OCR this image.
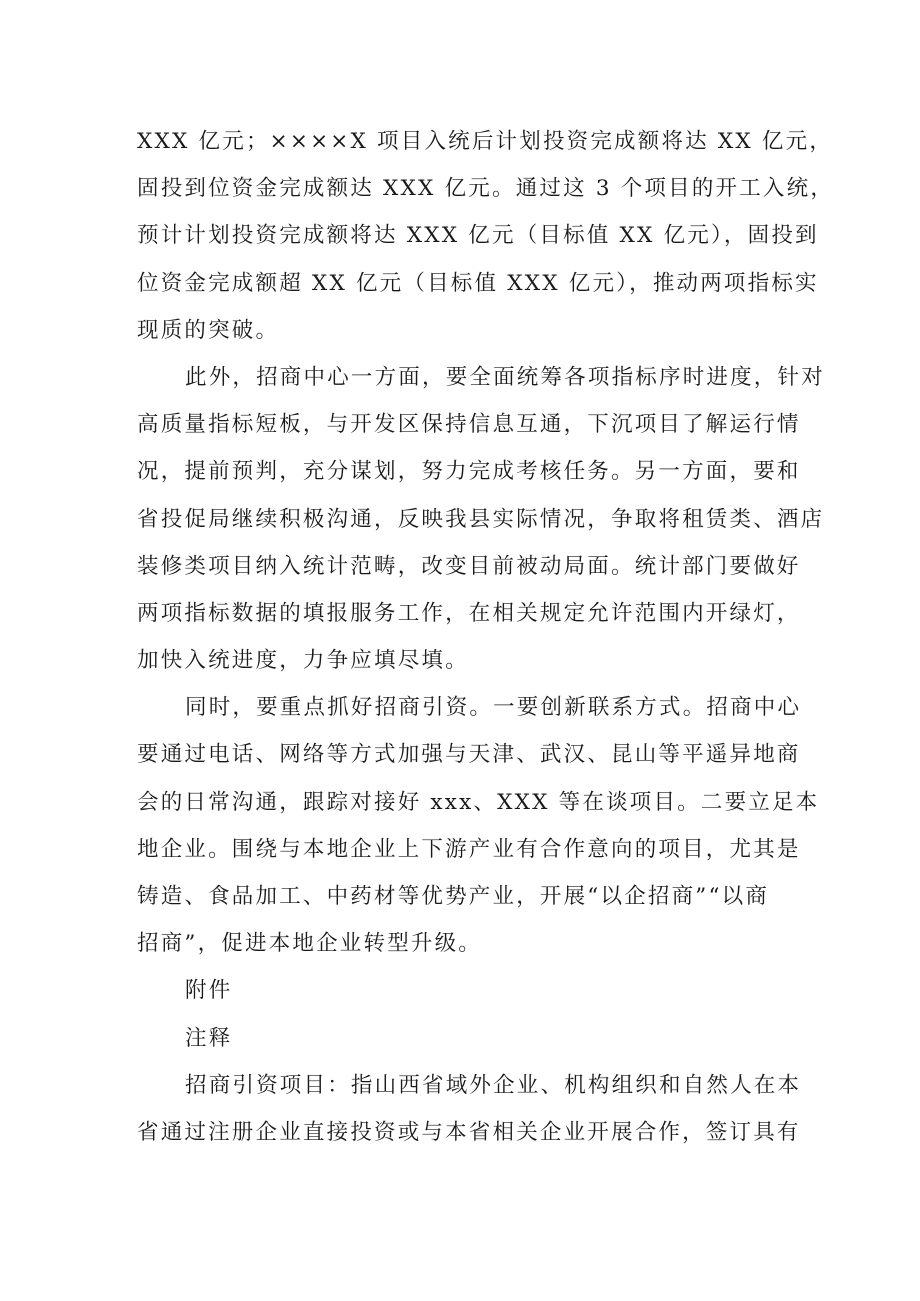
XXX 亿元；××××X 项目入统后计划投资完成额将达 XX 亿元，
固投到位资金完成额达 XXX 亿元。通过这 3 个项目的开工入统，
预计计划投资完成额将达 XXX 亿元（目标值 XX 亿元），固投到
位资金完成额超 XX 亿元（目标值 XXX 亿元），推动两项指标实
现质的突破。
此外，招商中心一方面，要全面统筹各项指标序时进度，针对
高质量指标短板，与开发区保持信息互通，下沉项目了解运行情
况，提前预判，充分谋划，努力完成考核任务。另一方面，要和
省投促局继续积极沟通，反映我县实际情况，争取将租赁类、酒店
装修类项目纳入统计范畴，改变目前被动局面。统计部门要做好
两项指标数据的填报服务工作，在相关规定允许范围内开绿灯，
加快入统进度，力争应填尽填。
同时，要重点抓好招商引资。一要创新联系方式。招商中心
要通过电话、网络等方式加强与天津、武汉、昆山等平遥异地商
会的日常沟通，跟踪对接好 xxx、XXX 等在谈项目。二要立足本
地企业。围绕与本地企业上下游产业有合作意向的项目，尤其是
铸造、食品加工、中药材等优势产业，开展“以企招商”“以商
招商”，促进本地企业转型升级。
附件
注释
招商引资项目：指山西省域外企业、机构组织和自然人在本
省通过注册企业直接投资或与本省相关企业开展合作，签订具有
